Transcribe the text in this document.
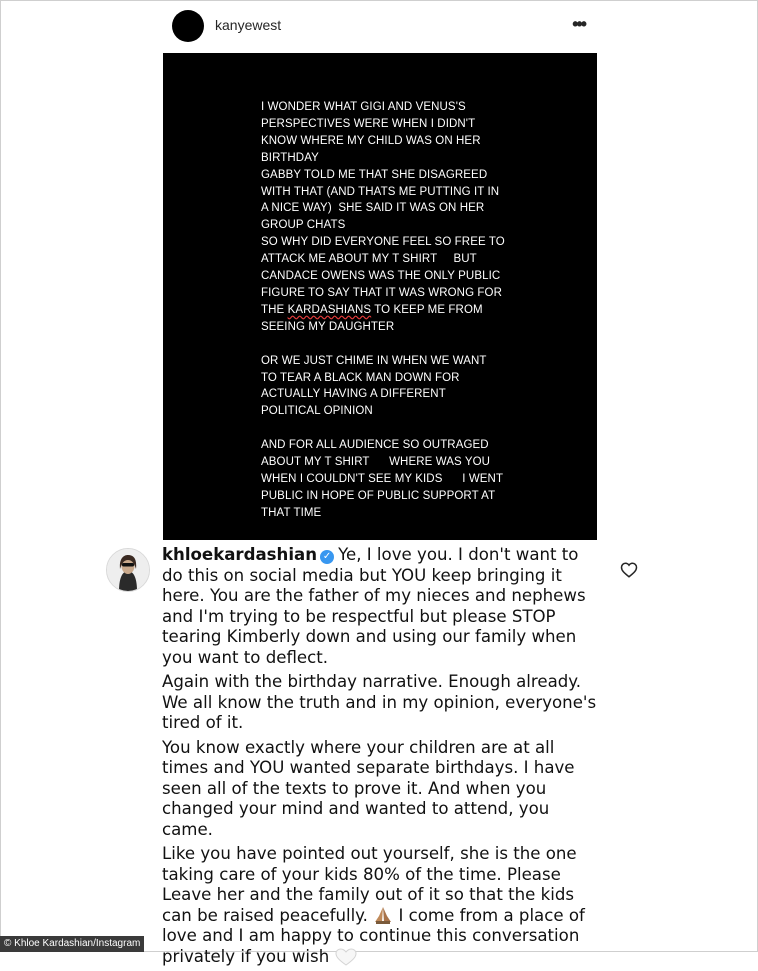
kanyewest	•••
I WONDER WHAT GIGI AND VENUS'S
PERSPECTIVES WERE WHEN I DIDN'T
KNOW WHERE MY CHILD WAS ON HER
BIRTHDAY
GABBY TOLD ME THAT SHE DISAGREED
WITH THAT (AND THATS ME PUTTING IT IN
A NICE WAY)  SHE SAID IT WAS ON HER
GROUP CHATS
SO WHY DID EVERYONE FEEL SO FREE TO
ATTACK ME ABOUT MY T SHIRT     BUT
CANDACE OWENS WAS THE ONLY PUBLIC
FIGURE TO SAY THAT IT WAS WRONG FOR
THE KARDASHIANS TO KEEP ME FROM
SEEING MY DAUGHTER

OR WE JUST CHIME IN WHEN WE WANT
TO TEAR A BLACK MAN DOWN FOR
ACTUALLY HAVING A DIFFERENT
POLITICAL OPINION

AND FOR ALL AUDIENCE SO OUTRAGED
ABOUT MY T SHIRT      WHERE WAS YOU
WHEN I COULDN'T SEE MY KIDS      I WENT
PUBLIC IN HOPE OF PUBLIC SUPPORT AT
THAT TIME

khloekardashian ✓ Ye, I love you. I don't want to do this on social media but YOU keep bringing it here. You are the father of my nieces and nephews and I'm trying to be respectful but please STOP tearing Kimberly down and using our family when you want to deflect.

Again with the birthday narrative. Enough already. We all know the truth and in my opinion, everyone's tired of it.

You know exactly where your children are at all times and YOU wanted separate birthdays. I have seen all of the texts to prove it. And when you changed your mind and wanted to attend, you came.

Like you have pointed out yourself, she is the one taking care of your kids 80% of the time. Please Leave her and the family out of it so that the kids can be raised peacefully. I come from a place of love and I am happy to continue this conversation privately if you wish

© Khloe Kardashian/Instagram
